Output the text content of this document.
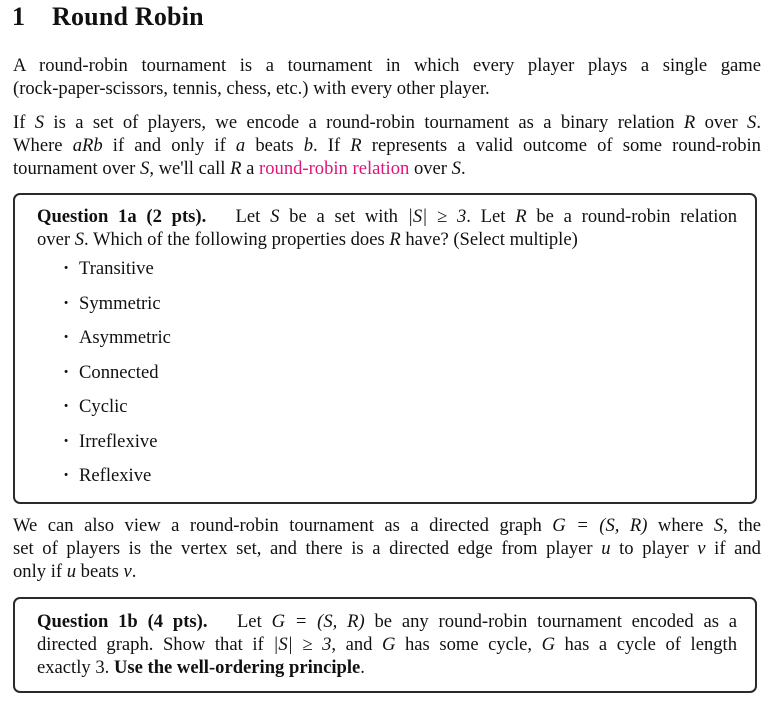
1 Round Robin

A round-robin tournament is a tournament in which every player plays a single game
(rock-paper-scissors, tennis, chess, etc.) with every other player.

If S is a set of players, we encode a round-robin tournament as a binary relation R over S.
Where aRb if and only if a beats b. If R represents a valid outcome of some round-robin
tournament over S, we'll call R a round-robin relation over S.

Question 1a (2 pts). Let S be a set with |S| ≥ 3. Let R be a round-robin relation
over S. Which of the following properties does R have? (Select multiple)

· Transitive
· Symmetric
· Asymmetric
· Connected
· Cyclic
· Irreflexive
· Reflexive

We can also view a round-robin tournament as a directed graph G = (S, R) where S, the
set of players is the vertex set, and there is a directed edge from player u to player v if and
only if u beats v.

Question 1b (4 pts). Let G = (S, R) be any round-robin tournament encoded as a
directed graph. Show that if |S| ≥ 3, and G has some cycle, G has a cycle of length
exactly 3. Use the well-ordering principle.
